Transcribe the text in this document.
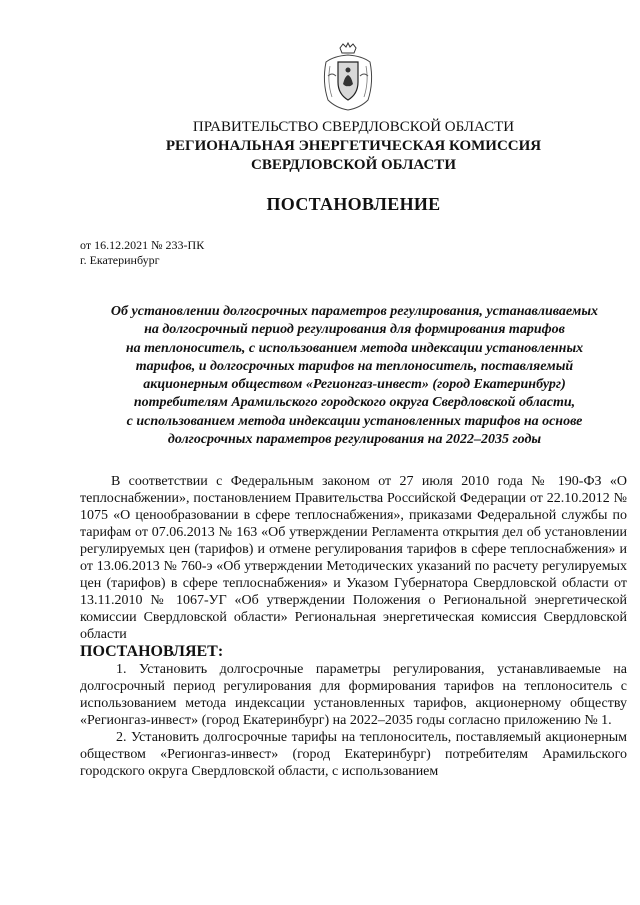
ПРАВИТЕЛЬСТВО СВЕРДЛОВСКОЙ ОБЛАСТИ
РЕГИОНАЛЬНАЯ ЭНЕРГЕТИЧЕСКАЯ КОМИССИЯ
СВЕРДЛОВСКОЙ ОБЛАСТИ
ПОСТАНОВЛЕНИЕ
от 16.12.2021 № 233-ПК
г. Екатеринбург
Об установлении долгосрочных параметров регулирования, устанавливаемых
на долгосрочный период регулирования для формирования тарифов
на теплоноситель, с использованием метода индексации установленных
тарифов, и долгосрочных тарифов на теплоноситель, поставляемый
акционерным обществом «Регионгаз-инвест» (город Екатеринбург)
потребителям Арамильского городского округа Свердловской области,
с использованием метода индексации установленных тарифов на основе
долгосрочных параметров регулирования на 2022–2035 годы

В соответствии с Федеральным законом от 27 июля 2010 года № 190-ФЗ «О теплоснабжении», постановлением Правительства Российской Федерации от 22.10.2012 № 1075 «О ценообразовании в сфере теплоснабжения», приказами Федеральной службы по тарифам от 07.06.2013 № 163 «Об утверждении Регламента открытия дел об установлении регулируемых цен (тарифов) и отмене регулирования тарифов в сфере теплоснабжения» и от 13.06.2013 № 760-э «Об утверждении Методических указаний по расчету регулируемых цен (тарифов) в сфере теплоснабжения» и Указом Губернатора Свердловской области от 13.11.2010 № 1067-УГ «Об утверждении Положения о Региональной энергетической комиссии Свердловской области» Региональная энергетическая комиссия Свердловской области

ПОСТАНОВЛЯЕТ:

1. Установить долгосрочные параметры регулирования, устанавливаемые на долгосрочный период регулирования для формирования тарифов на теплоноситель с использованием метода индексации установленных тарифов, акционерному обществу «Регионгаз-инвест» (город Екатеринбург) на 2022–2035 годы согласно приложению № 1.

2. Установить долгосрочные тарифы на теплоноситель, поставляемый акционерным обществом «Регионгаз-инвест» (город Екатеринбург) потребителям Арамильского городского округа Свердловской области, с использованием
